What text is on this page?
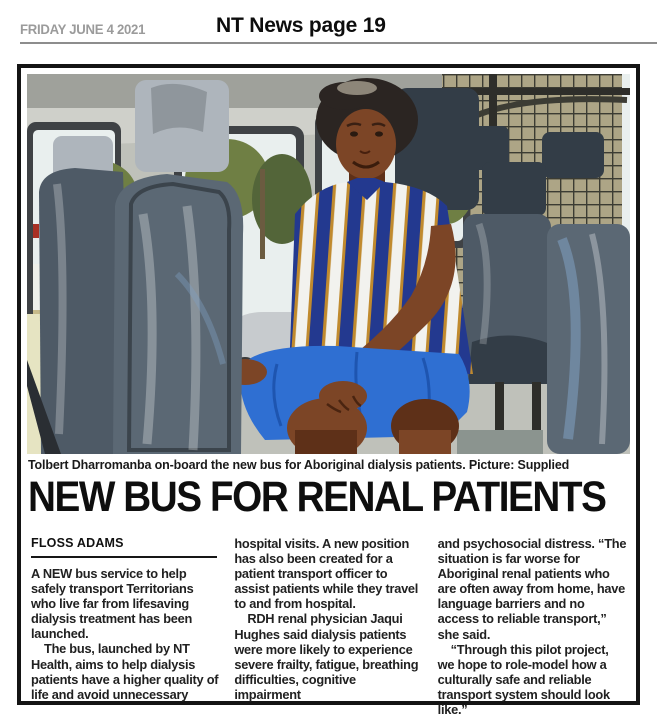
FRIDAY JUNE 4 2021	NT News page 19
Tolbert Dharromanba on-board the new bus for Aboriginal dialysis patients. Picture: Supplied
NEW BUS FOR RENAL PATIENTS
FLOSS ADAMS

A NEW bus service to help safely transport Territorians who live far from lifesaving dialysis treatment has been launched.

The bus, launched by NT Health, aims to help dialysis patients have a higher quality of life and avoid unnecessary

hospital visits. A new position has also been created for a patient transport officer to assist patients while they travel to and from hospital.

RDH renal physician Jaqui Hughes said dialysis patients were more likely to experience severe frailty, fatigue, breathing difficulties, cognitive impairment

and psychosocial distress. “The situation is far worse for Aboriginal renal patients who are often away from home, have language barriers and no access to reliable transport,” she said.

“Through this pilot project, we hope to role-model how a culturally safe and reliable transport system should look like.”
